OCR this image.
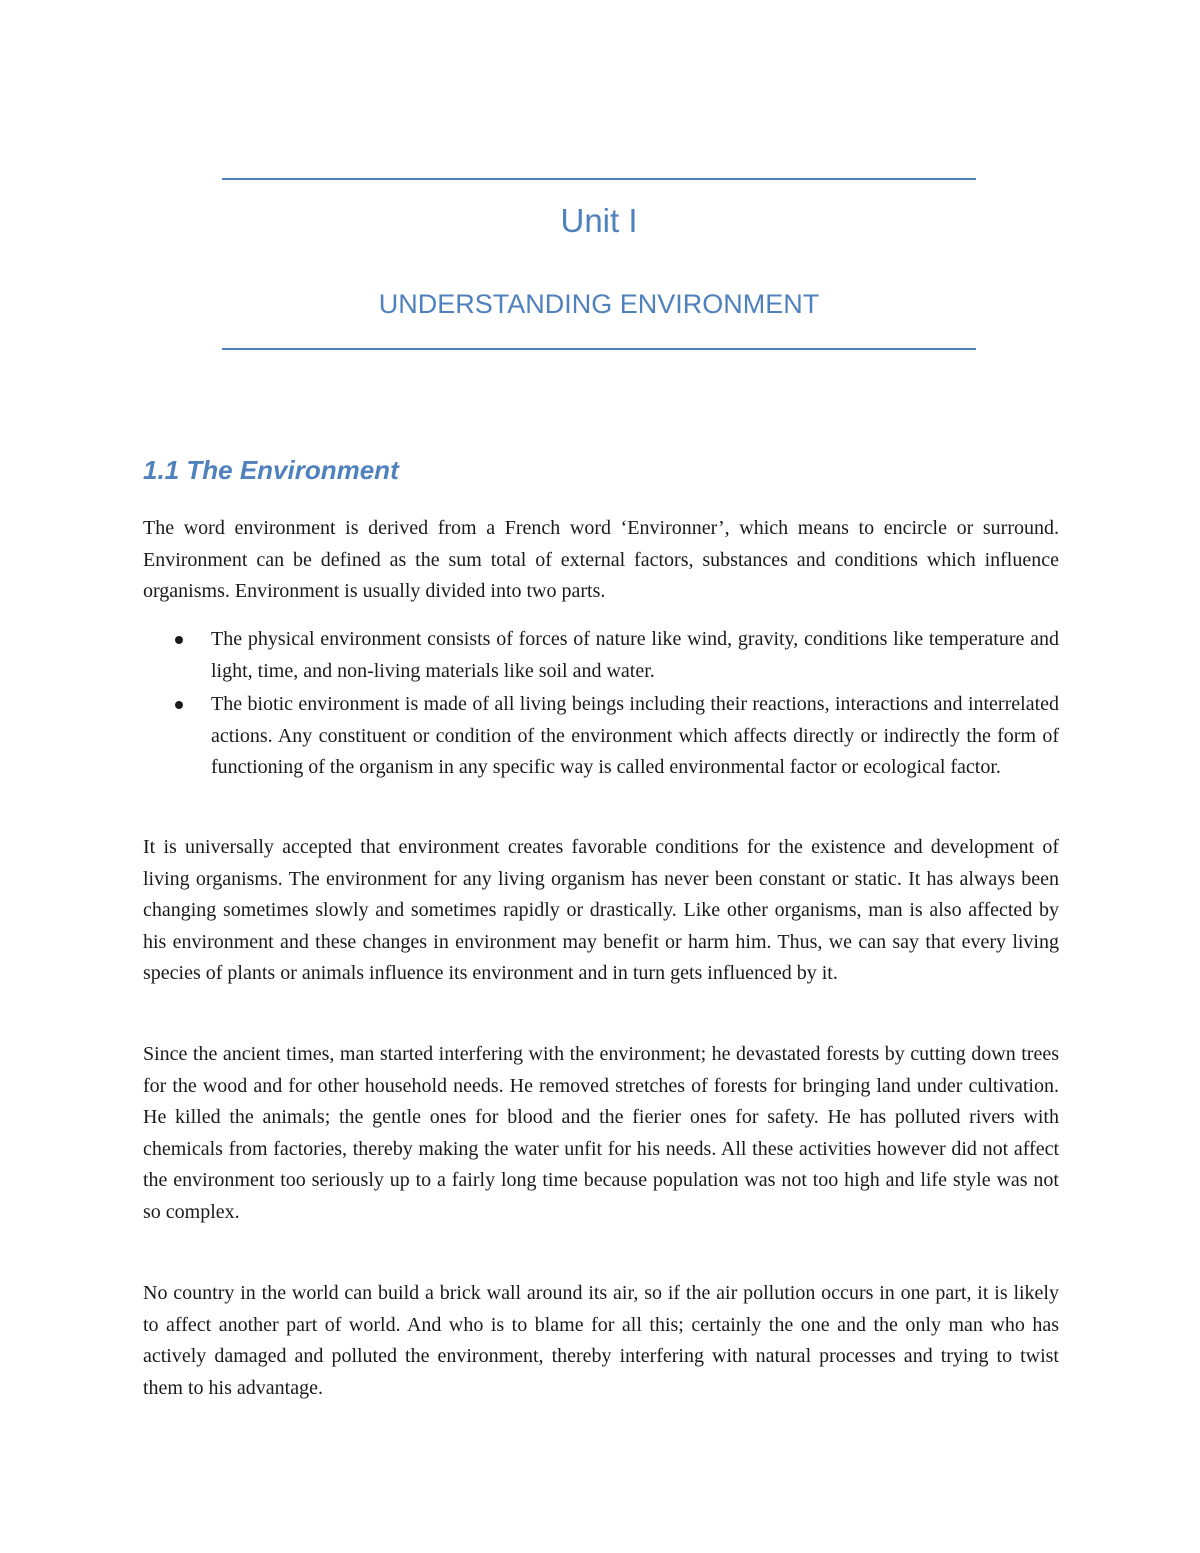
Unit I
UNDERSTANDING ENVIRONMENT
1.1 The Environment

The word environment is derived from a French word ‘Environner’, which means to encircle or surround. Environment can be defined as the sum total of external factors, substances and conditions which influence organisms. Environment is usually divided into two parts.

The physical environment consists of forces of nature like wind, gravity, conditions like temperature and light, time, and non-living materials like soil and water.
The biotic environment is made of all living beings including their reactions, interactions and interrelated actions. Any constituent or condition of the environment which affects directly or indirectly the form of functioning of the organism in any specific way is called environmental factor or ecological factor.

It is universally accepted that environment creates favorable conditions for the existence and development of living organisms. The environment for any living organism has never been constant or static. It has always been changing sometimes slowly and sometimes rapidly or drastically. Like other organisms, man is also affected by his environment and these changes in environment may benefit or harm him. Thus, we can say that every living species of plants or animals influence its environment and in turn gets influenced by it.

Since the ancient times, man started interfering with the environment; he devastated forests by cutting down trees for the wood and for other household needs. He removed stretches of forests for bringing land under cultivation. He killed the animals; the gentle ones for blood and the fierier ones for safety. He has polluted rivers with chemicals from factories, thereby making the water unfit for his needs. All these activities however did not affect the environment too seriously up to a fairly long time because population was not too high and life style was not so complex.

No country in the world can build a brick wall around its air, so if the air pollution occurs in one part, it is likely to affect another part of world. And who is to blame for all this; certainly the one and the only man who has actively damaged and polluted the environment, thereby interfering with natural processes and trying to twist them to his advantage.
